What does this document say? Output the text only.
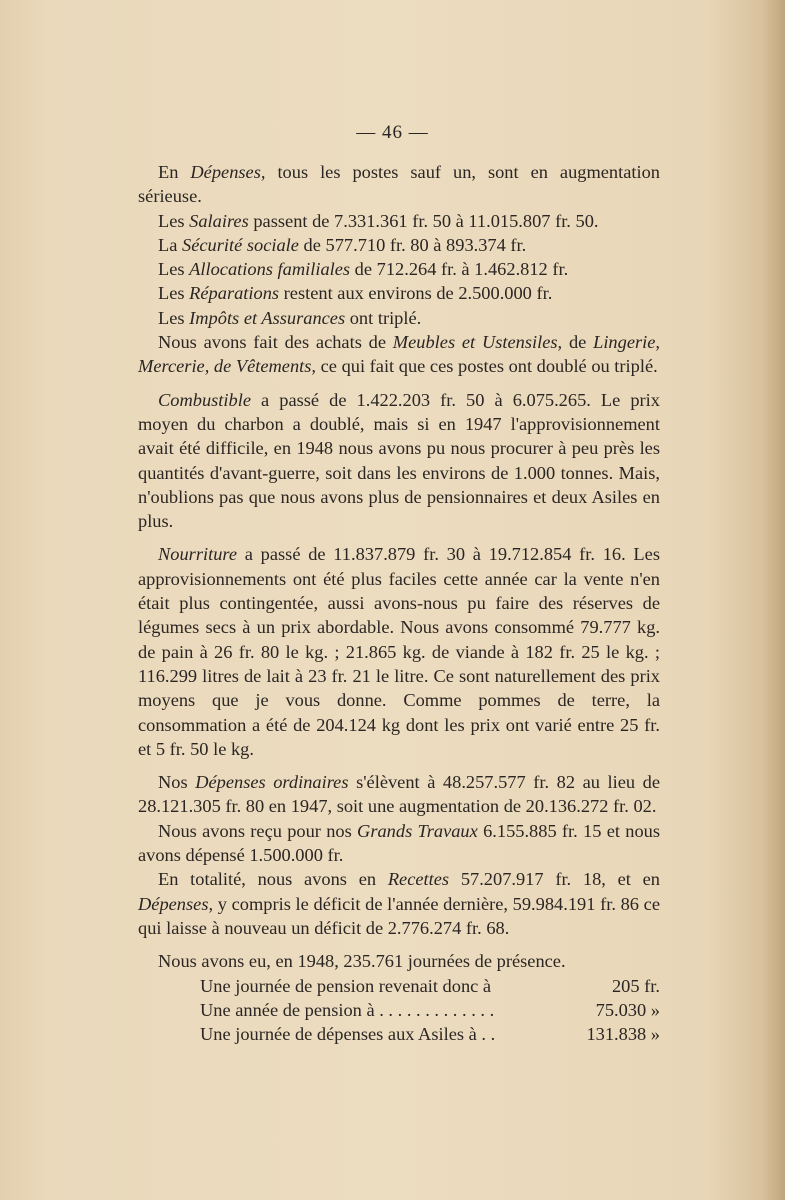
— 46 —

En Dépenses, tous les postes sauf un, sont en augmentation sérieuse.

Les Salaires passent de 7.331.361 fr. 50 à 11.015.807 fr. 50.

La Sécurité sociale de 577.710 fr. 80 à 893.374 fr.

Les Allocations familiales de 712.264 fr. à 1.462.812 fr.

Les Réparations restent aux environs de 2.500.000 fr.

Les Impôts et Assurances ont triplé.

Nous avons fait des achats de Meubles et Ustensiles, de Lingerie, Mercerie, de Vêtements, ce qui fait que ces postes ont doublé ou triplé.

Combustible a passé de 1.422.203 fr. 50 à 6.075.265. Le prix moyen du charbon a doublé, mais si en 1947 l'approvisionnement avait été difficile, en 1948 nous avons pu nous procurer à peu près les quantités d'avant-guerre, soit dans les environs de 1.000 tonnes. Mais, n'oublions pas que nous avons plus de pensionnaires et deux Asiles en plus.

Nourriture a passé de 11.837.879 fr. 30 à 19.712.854 fr. 16. Les approvisionnements ont été plus faciles cette année car la vente n'en était plus contingentée, aussi avons-nous pu faire des réserves de légumes secs à un prix abordable. Nous avons consommé 79.777 kg. de pain à 26 fr. 80 le kg. ; 21.865 kg. de viande à 182 fr. 25 le kg. ; 116.299 litres de lait à 23 fr. 21 le litre. Ce sont naturellement des prix moyens que je vous donne. Comme pommes de terre, la consommation a été de 204.124 kg dont les prix ont varié entre 25 fr. et 5 fr. 50 le kg.

Nos Dépenses ordinaires s'élèvent à 48.257.577 fr. 82 au lieu de 28.121.305 fr. 80 en 1947, soit une augmentation de 20.136.272 fr. 02.

Nous avons reçu pour nos Grands Travaux 6.155.885 fr. 15 et nous avons dépensé 1.500.000 fr.

En totalité, nous avons en Recettes 57.207.917 fr. 18, et en Dépenses, y compris le déficit de l'année dernière, 59.984.191 fr. 86 ce qui laisse à nouveau un déficit de 2.776.274 fr. 68.

Nous avons eu, en 1948, 235.761 journées de présence.

Une journée de pension revenait donc à	205 fr.
Une année de pension à . . . . . . . . . . . . .	75.030 »
Une journée de dépenses aux Asiles à . .	131.838 »
